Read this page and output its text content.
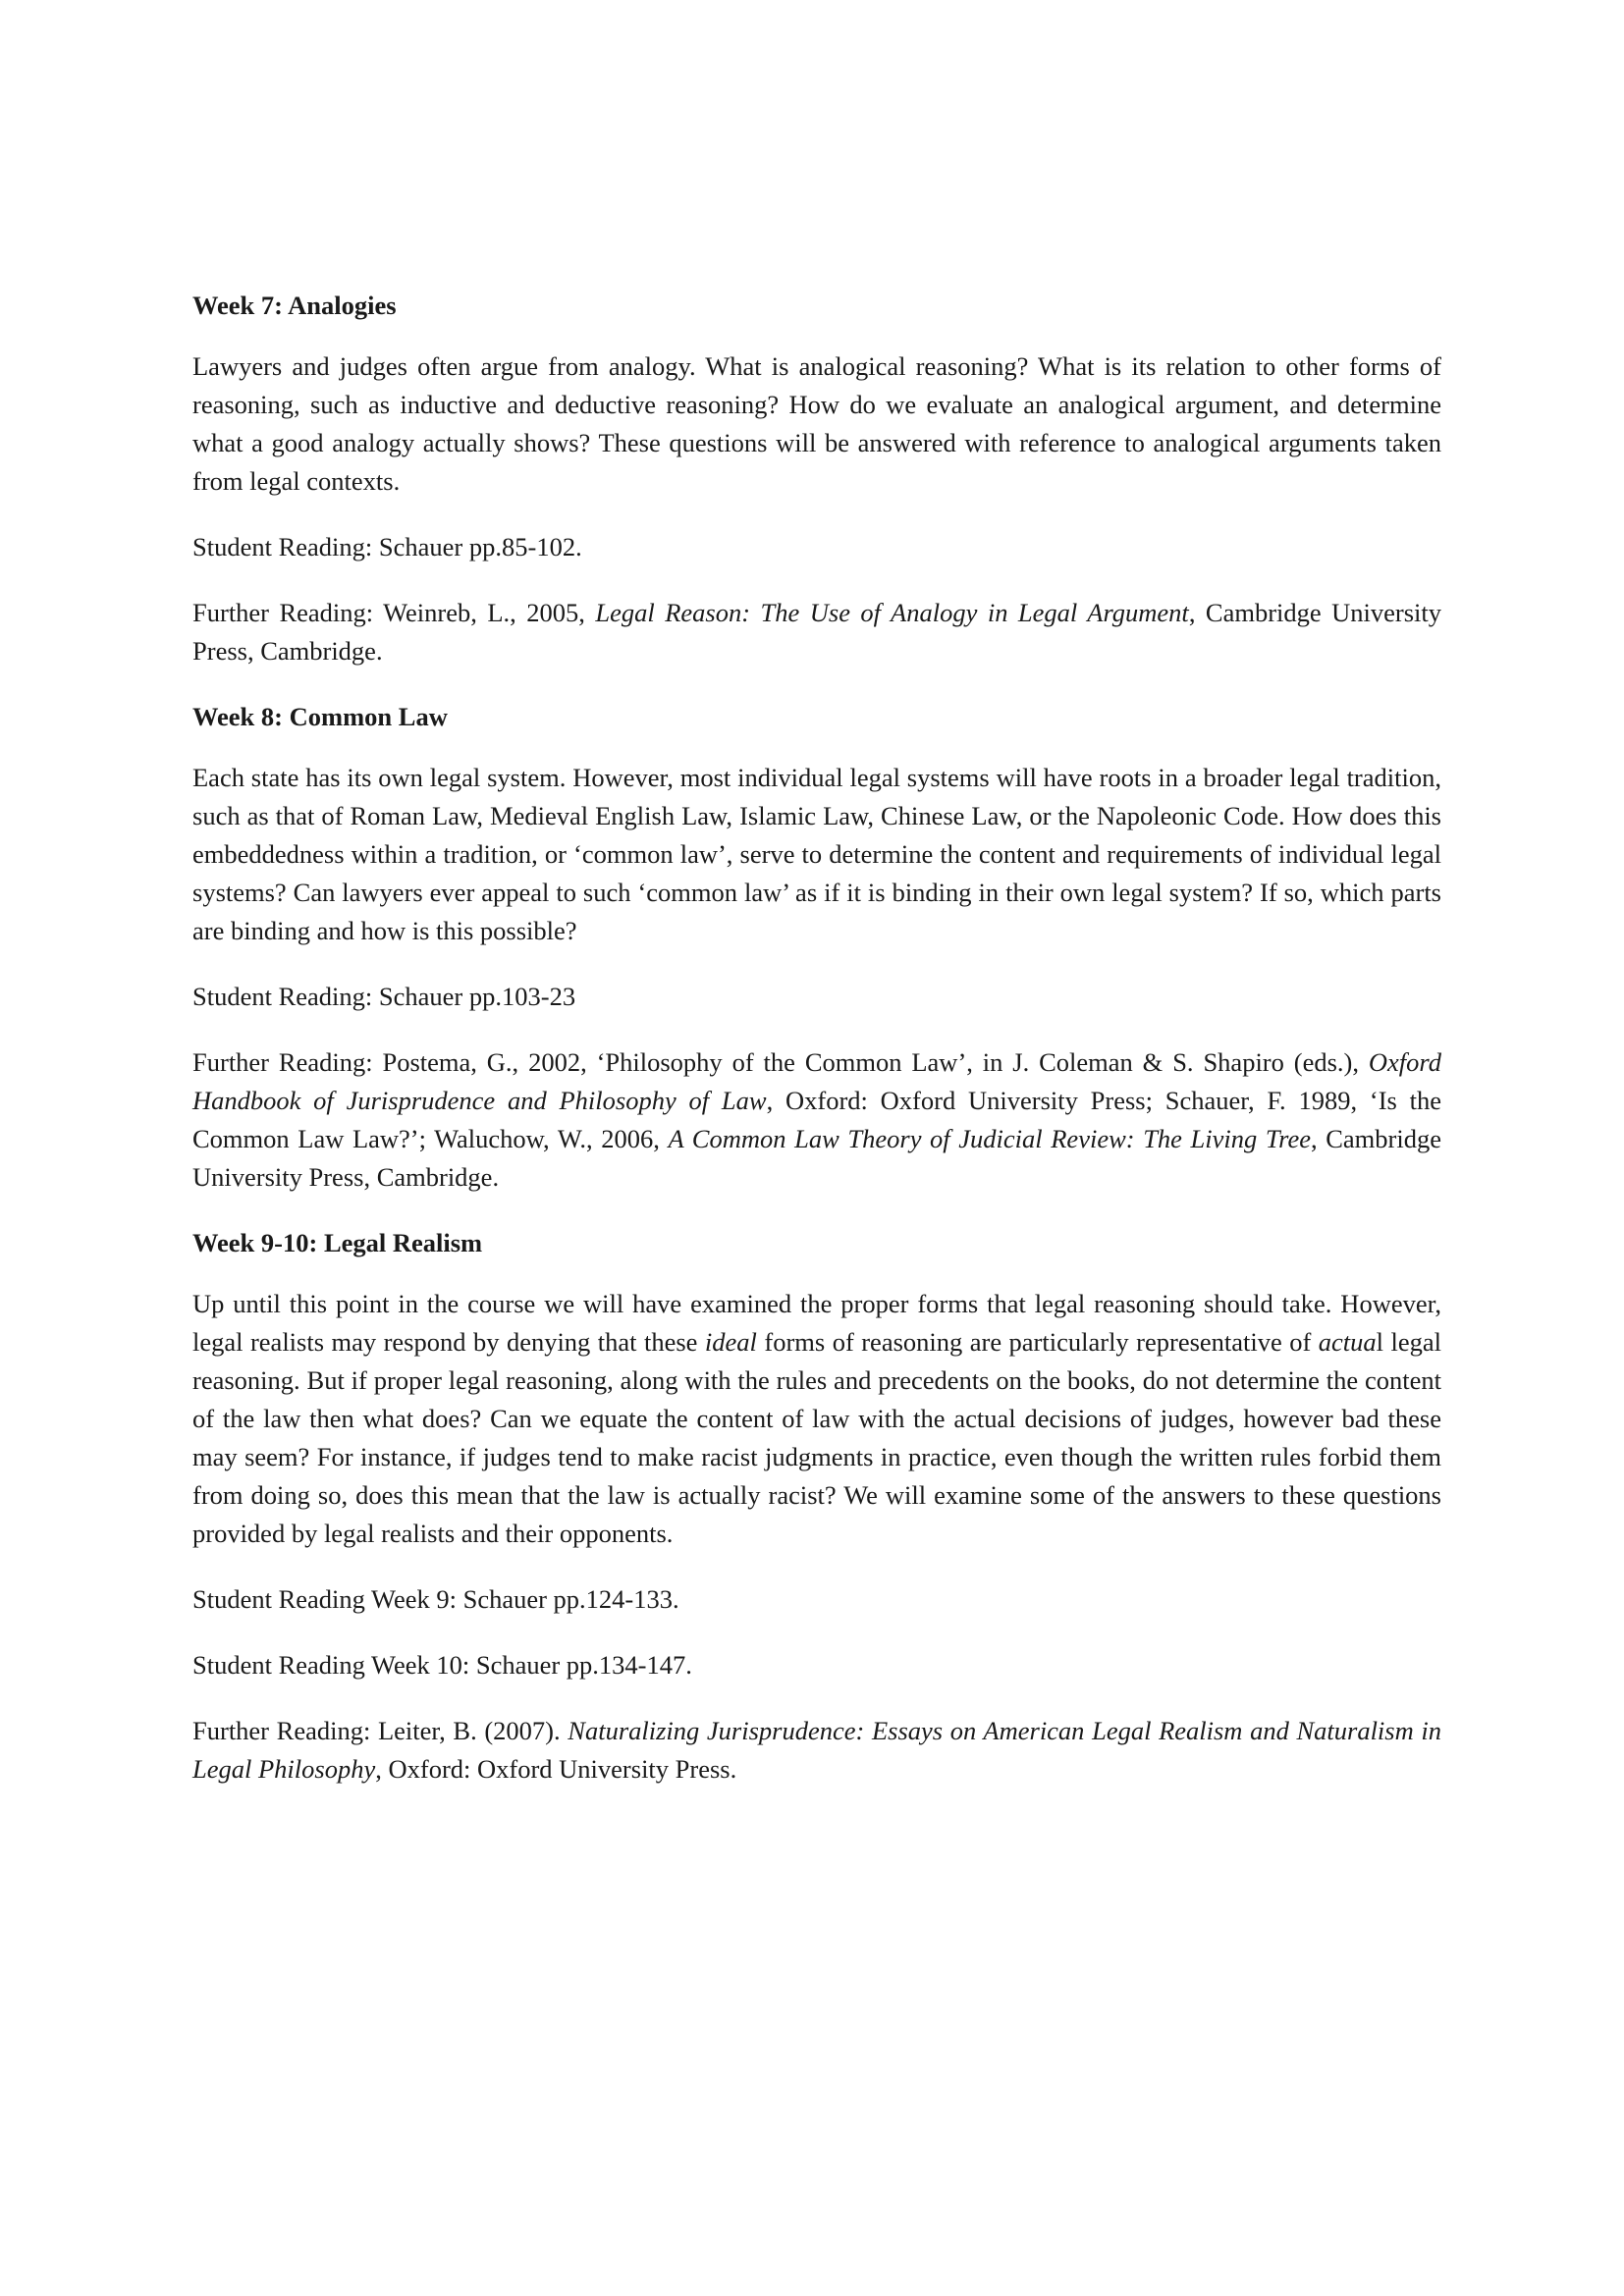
Week 7: Analogies

Lawyers and judges often argue from analogy. What is analogical reasoning? What is its relation to other forms of reasoning, such as inductive and deductive reasoning? How do we evaluate an analogical argument, and determine what a good analogy actually shows? These questions will be answered with reference to analogical arguments taken from legal contexts.

Student Reading: Schauer pp.85-102.

Further Reading: Weinreb, L., 2005, Legal Reason: The Use of Analogy in Legal Argument, Cambridge University Press, Cambridge.

Week 8: Common Law

Each state has its own legal system. However, most individual legal systems will have roots in a broader legal tradition, such as that of Roman Law, Medieval English Law, Islamic Law, Chinese Law, or the Napoleonic Code. How does this embeddedness within a tradition, or ‘common law’, serve to determine the content and requirements of individual legal systems? Can lawyers ever appeal to such ‘common law’ as if it is binding in their own legal system? If so, which parts are binding and how is this possible?

Student Reading: Schauer pp.103-23

Further Reading: Postema, G., 2002, ‘Philosophy of the Common Law’, in J. Coleman & S. Shapiro (eds.), Oxford Handbook of Jurisprudence and Philosophy of Law, Oxford: Oxford University Press; Schauer, F. 1989, ‘Is the Common Law Law?’; Waluchow, W., 2006, A Common Law Theory of Judicial Review: The Living Tree, Cambridge University Press, Cambridge.

Week 9-10: Legal Realism

Up until this point in the course we will have examined the proper forms that legal reasoning should take. However, legal realists may respond by denying that these ideal forms of reasoning are particularly representative of actual legal reasoning. But if proper legal reasoning, along with the rules and precedents on the books, do not determine the content of the law then what does? Can we equate the content of law with the actual decisions of judges, however bad these may seem? For instance, if judges tend to make racist judgments in practice, even though the written rules forbid them from doing so, does this mean that the law is actually racist? We will examine some of the answers to these questions provided by legal realists and their opponents.

Student Reading Week 9: Schauer pp.124-133.

Student Reading Week 10: Schauer pp.134-147.

Further Reading: Leiter, B. (2007). Naturalizing Jurisprudence: Essays on American Legal Realism and Naturalism in Legal Philosophy, Oxford: Oxford University Press.
